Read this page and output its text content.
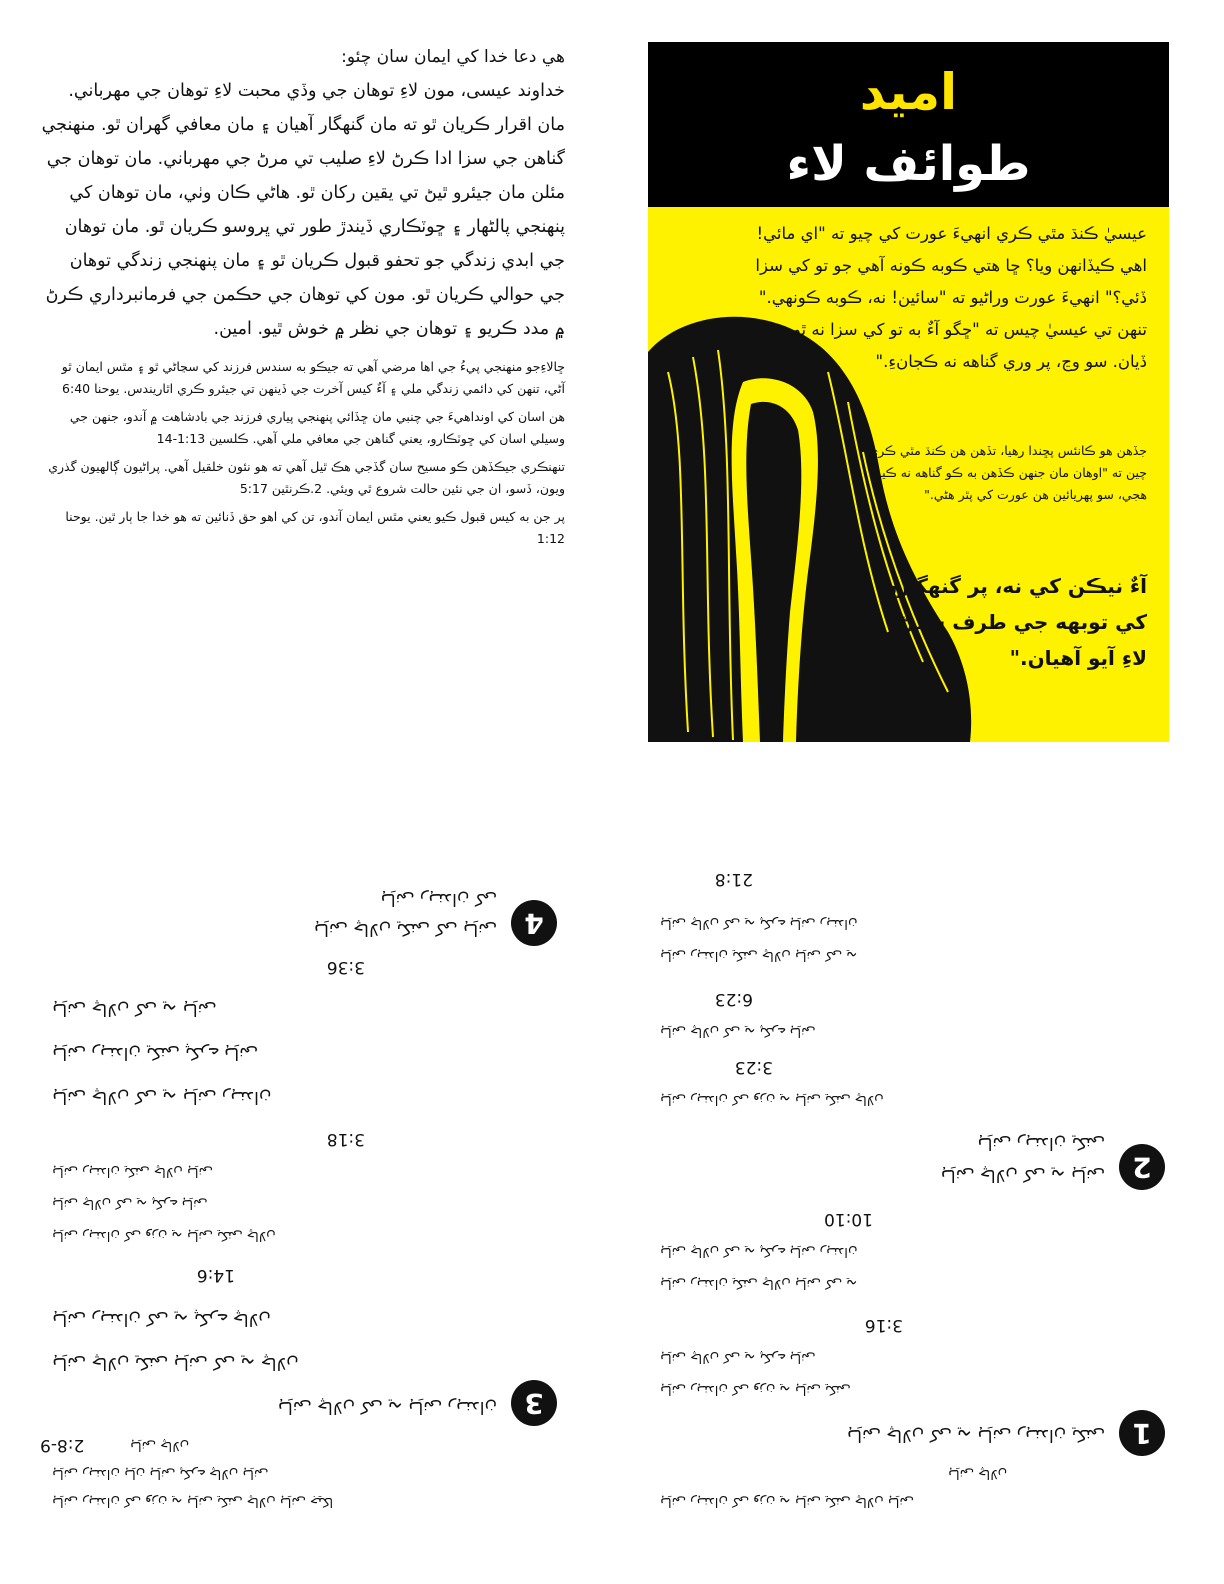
هي دعا خدا کي ايمان سان چئو:

خداوند عيسى، مون لاءِ توهان جي وڏي محبت لاءِ توهان جي مهرباني. مان اقرار ڪريان ٿو ته مان گنهگار آهيان ۽ مان معافي گهران ٿو. منهنجي گناهن جي سزا ادا ڪرڻ لاءِ صليب تي مرڻ جي مهرباني. مان توهان جي مئلن مان جيئرو ٿيڻ تي يقين رکان ٿو. هاڻي ڪان وٺي، مان توهان کي پنهنجي پالڻهار ۽ ڇوٽڪاري ڏيندڙ طور تي ڀروسو ڪريان ٿو. مان توهان جي ابدي زندگي جو تحفو قبول ڪريان ٿو ۽ مان پنهنجي زندگي توهان جي حوالي ڪريان ٿو. مون کي توهان جي حڪمن جي فرمانبرداري ڪرڻ ۾ مدد ڪريو ۽ توهان جي نظر ۾ خوش ٿيو. امين.

ڇالاءِجو منهنجي پيءُ جي اها مرضي آهي ته جيڪو به سندس فرزند کي سڃاڻي ٿو ۽ مٿس ايمان ٿو آڻي، تنهن کي دائمي زندگي ملي ۽ آءٌ کيس آخرت جي ڏينهن تي جيئرو ڪري اٿاريندس. يوحنا 6:40

هن اسان کي اونداهيءَ جي چنبي مان ڇڏائي پنهنجي پياري فرزند جي بادشاهت ۾ آندو، جنهن جي وسيلي اسان کي ڇوٽڪارو، يعني گناهن جي معافي ملي آهي. ڪلسين 1:13-14

تنهنڪري جيڪڏهن ڪو مسيح سان گڏجي هڪ ٿيل آهي ته هو نئون خلقيل آهي. پراڻيون ڳالهيون گذري ويون، ڏسو، ان جي نئين حالت شروع ٿي ويئي. 2.ڪرنٿين 5:17

پر جن به کيس قبول ڪيو يعني مٿس ايمان آندو، تن کي اهو حق ڏنائين ته هو خدا جا ٻار ٿين. يوحنا 1:12

اميد
طوائف لاء
عيسيٰ ڪنڌ مٿي ڪري انهيءَ عورت کي چيو ته "اي مائي! اهي ڪيڏانهن ويا؟ ڇا هتي ڪوبه ڪونه آهي جو تو کي سزا ڏئي؟" انهيءَ عورت وراڻيو ته "سائين! نه، ڪوبه ڪونهي." تنهن تي عيسيٰ چيس ته "ڇگو آءٌ به تو کي سزا نه ٿو ڏيان. سو وڃ، پر وري گناهه نه ڪجانءِ."
جڏهن هو ڪانئس پڇندا رهيا، تڏهن هن ڪنڌ مٿي ڪري چين ته "اوهان مان جنهن ڪڏهن به ڪو گناهه نه ڪيو هجي، سو پهريائين هن عورت کي پٿر هڻي."
آءٌ نيڪن کي نه، پر گنهگارن کي توبهه جي طرف سڏڻ لاءِ آيو آهيان."
ہاِنی رہندان کی وزن یہ ہاِنی یکنی چالاں ہاِنی جیکا
ہاِنی رہندان ہاِن ہاِنی پکرے چالاں ہاِنی
ہاِنی چالاں
2:8-9
3
ہاِنی چالاں کی یہ ہاِنی رہندان
ہاِنی چالاں یکنی ہاِنی کی یہ چالاں
ہاِنی رہندان کی یہ پکرے چالاں
14:6
ہاِنی رہندان کی وزن یہ ہاِنی یکنی چالاں
ہاِنی چالاں کی یہ پکرے ہاِنی
ہاِنی رہندان یکنی چالاں ہاِنی
3:18
ہاِنی چالاں کی یہ ہاِنی رہندان
ہاِنی رہندان یکنی پکرے ہاِنی
ہاِنی چالاں کی یہ ہاِنی
3:36
4
ہاِنی چالاں یکنی کی ہاِنی
ہاِنی رہندان کی
ہاِنی رہندان کی وزن یہ ہاِنی یکنی چالاں ہاِنی
ہاِنی چالاں
1
ہاِنی چالاں کی یہ ہاِنی رہندان یکنی
ہاِنی رہندان کی وزن یہ ہاِنی یکنی
ہاِنی چالاں کی یہ پکرے ہاِنی
3:16
ہاِنی رہندان یکنی چالاں ہاِنی کی یہ
ہاِنی چالاں کی یہ پکرے ہاِنی رہندان
10:10
2
ہاِنی چالاں کی یہ ہاِنی
ہاِنی رہندان یکنی
ہاِنی رہندان کی وزن یہ ہاِنی یکنی چالاں
3:23
ہاِنی چالاں کی یہ پکرے ہاِنی
6:23
ہاِنی رہندان یکنی چالاں ہاِنی کی یہ
ہاِنی چالاں کی یہ پکرے ہاِنی رہندان
21:8
